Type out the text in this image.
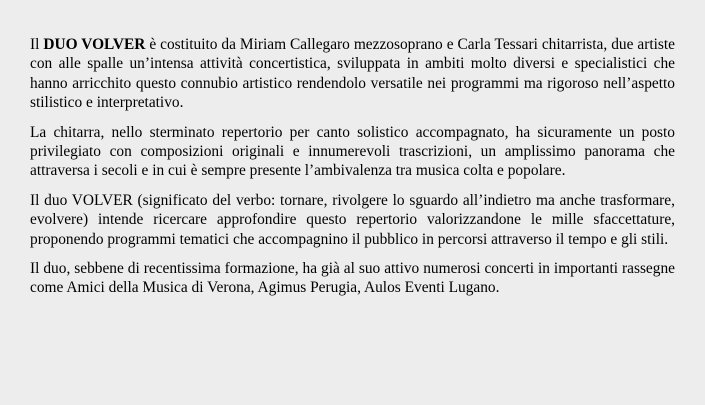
Il DUO VOLVER è costituito da Miriam Callegaro mezzosoprano e Carla Tessari chitarrista, due artiste con alle spalle un’intensa attività concertistica, sviluppata in ambiti molto diversi e specialistici che hanno arricchito questo connubio artistico rendendolo versatile nei programmi ma rigoroso nell’aspetto stilistico e interpretativo.

La chitarra, nello sterminato repertorio per canto solistico accompagnato, ha sicuramente un posto privilegiato con composizioni originali e innumerevoli trascrizioni, un amplissimo panorama che attraversa i secoli e in cui è sempre presente l’ambivalenza tra musica colta e popolare.

Il duo VOLVER (significato del verbo: tornare, rivolgere lo sguardo all’indietro ma anche trasformare, evolvere) intende ricercare approfondire questo repertorio valorizzandone le mille sfaccettature, proponendo programmi tematici che accompagnino il pubblico in percorsi attraverso il tempo e gli stili.

Il duo, sebbene di recentissima formazione, ha già al suo attivo numerosi concerti in importanti rassegne come Amici della Musica di Verona, Agimus Perugia, Aulos Eventi Lugano.
